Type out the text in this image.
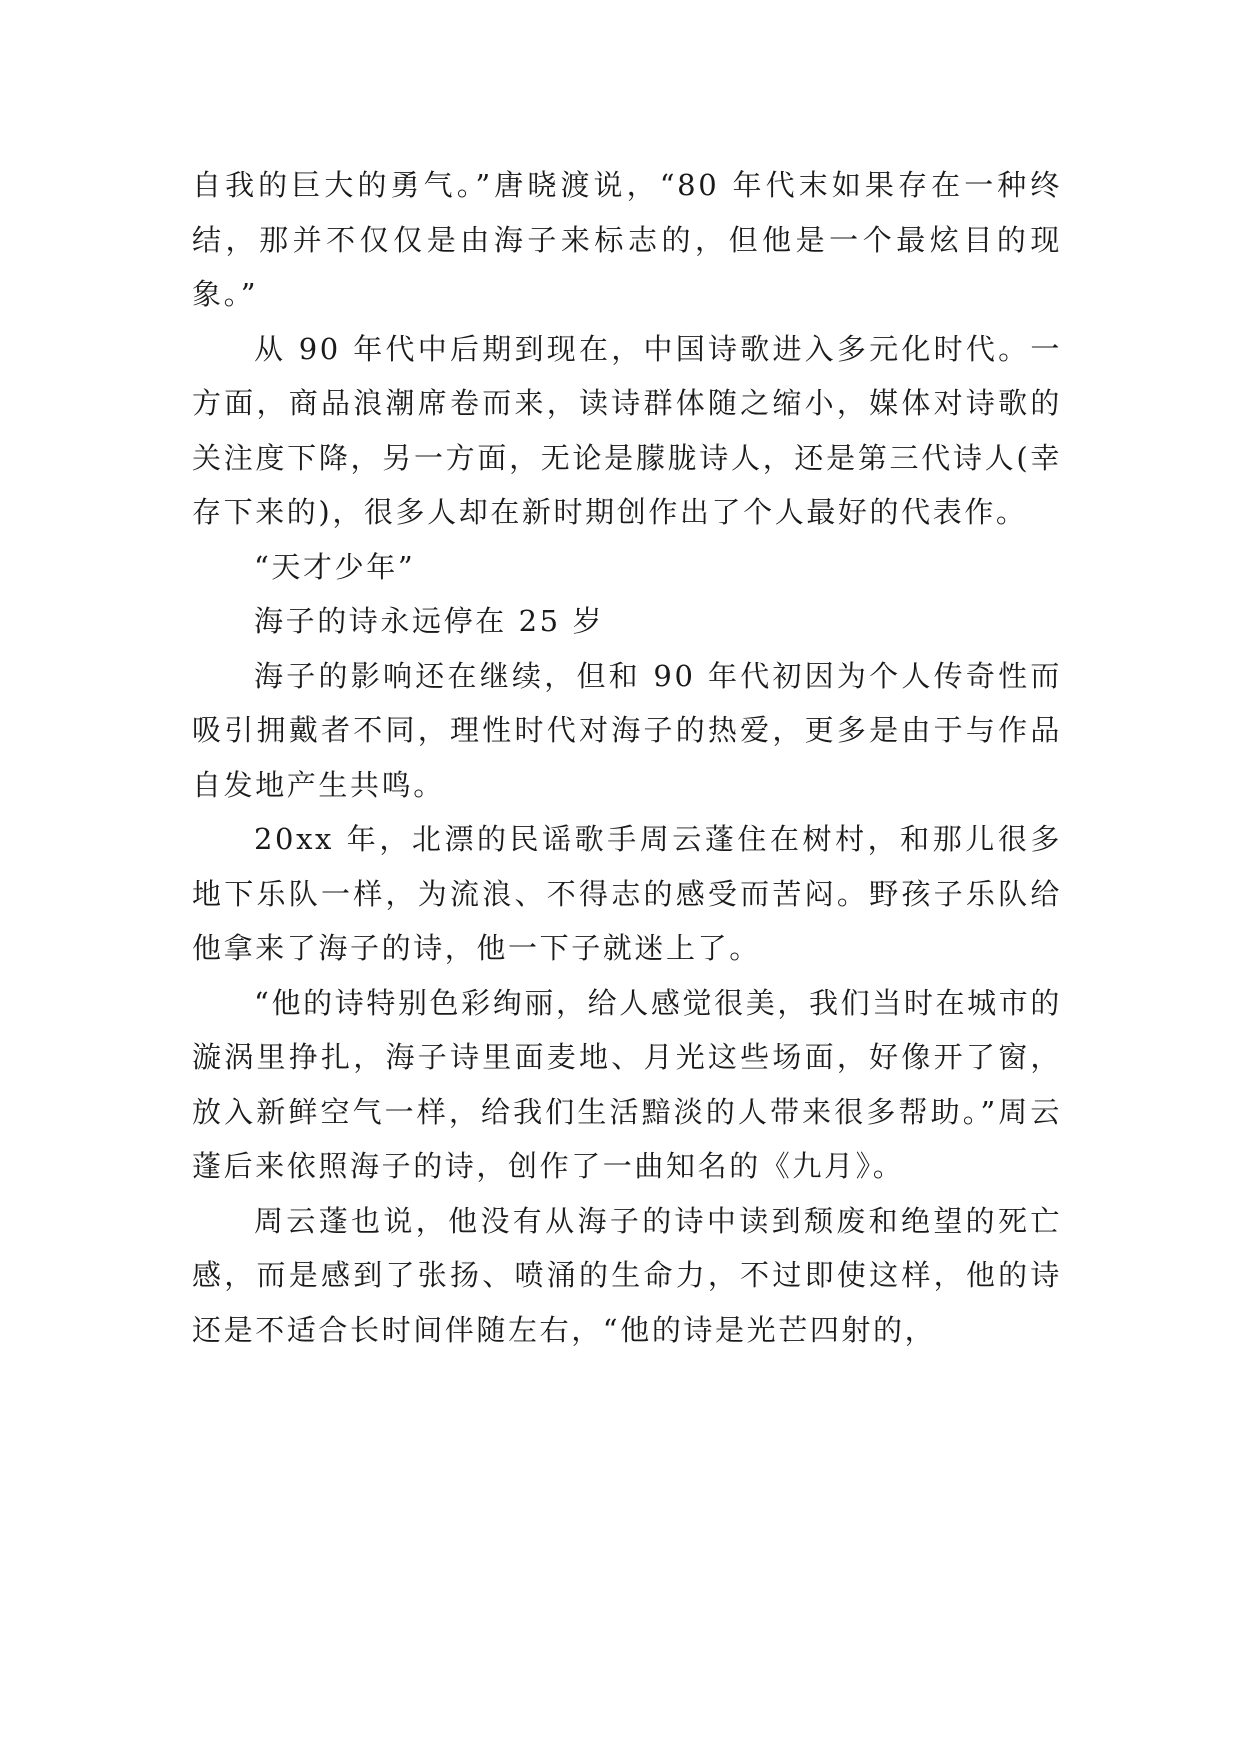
自我的巨大的勇气。”唐晓渡说，“80 年代末如果存在一种终结，那并不仅仅是由海子来标志的，但他是一个最炫目的现象。”

从 90 年代中后期到现在，中国诗歌进入多元化时代。一方面，商品浪潮席卷而来，读诗群体随之缩小，媒体对诗歌的关注度下降，另一方面，无论是朦胧诗人，还是第三代诗人(幸存下来的)，很多人却在新时期创作出了个人最好的代表作。

“天才少年”

海子的诗永远停在 25 岁

海子的影响还在继续，但和 90 年代初因为个人传奇性而吸引拥戴者不同，理性时代对海子的热爱，更多是由于与作品自发地产生共鸣。

20xx 年，北漂的民谣歌手周云蓬住在树村，和那儿很多地下乐队一样，为流浪、不得志的感受而苦闷。野孩子乐队给他拿来了海子的诗，他一下子就迷上了。

“他的诗特别色彩绚丽，给人感觉很美，我们当时在城市的漩涡里挣扎，海子诗里面麦地、月光这些场面，好像开了窗，放入新鲜空气一样，给我们生活黯淡的人带来很多帮助。”周云蓬后来依照海子的诗，创作了一曲知名的《九月》。

周云蓬也说，他没有从海子的诗中读到颓废和绝望的死亡感，而是感到了张扬、喷涌的生命力，不过即使这样，他的诗还是不适合长时间伴随左右，“他的诗是光芒四射的，
